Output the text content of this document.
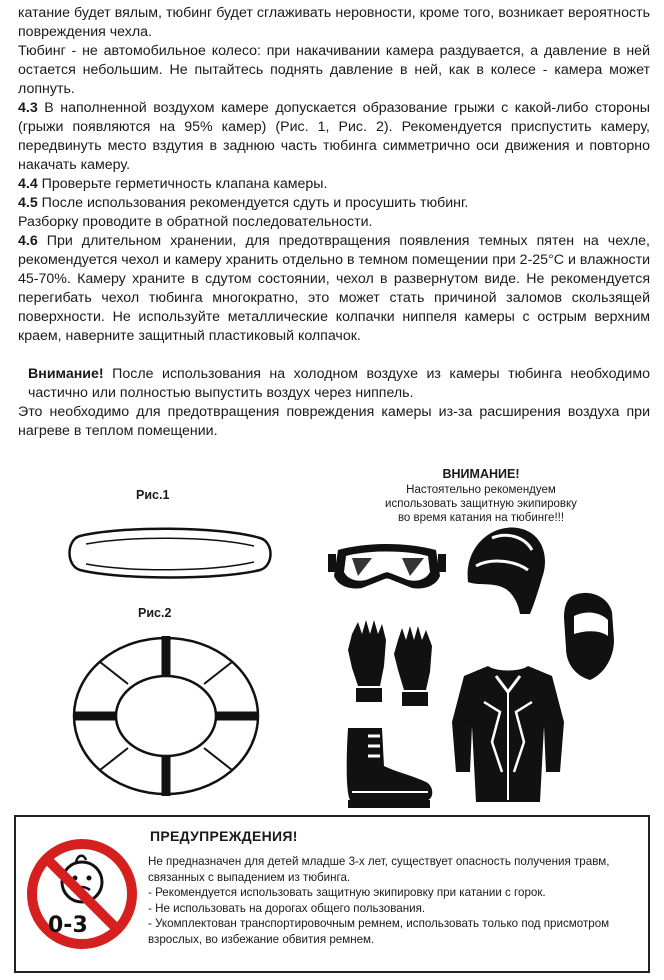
катание будет вялым, тюбинг будет сглаживать неровности, кроме того, возникает вероятность повреждения чехла.

Тюбинг - не автомобильное колесо: при накачивании камера раздувается, а давление в ней остается небольшим. Не пытайтесь поднять давление в ней, как в колесе - камера может лопнуть.

4.3 В наполненной воздухом камере допускается образование грыжи с какой-либо стороны (грыжи появляются на 95% камер) (Рис. 1, Рис. 2). Рекомендуется приспустить камеру, передвинуть место вздутия в заднюю часть тюбинга симметрично оси движения и повторно накачать камеру.

4.4 Проверьте герметичность клапана камеры.

4.5 После использования рекомендуется сдуть и просушить тюбинг.

Разборку проводите в обратной последовательности.

4.6 При длительном хранении, для предотвращения появления темных пятен на чехле, рекомендуется чехол и камеру хранить отдельно в темном помещении при 2-25°С и влажности 45-70%. Камеру храните в сдутом состоянии, чехол в развернутом виде. Не рекомендуется перегибать чехол тюбинга многократно, это может стать причиной заломов скользящей поверхности. Не используйте металлические колпачки ниппеля камеры с острым верхним краем, наверните защитный пластиковый колпачок.

Внимание! После использования на холодном воздухе из камеры тюбинга необходимо частично или полностью выпустить воздух через ниппель.

Это необходимо для предотвращения повреждения камеры из-за расширения воздуха при нагреве в теплом помещении.

Рис.1
Рис.2
ВНИМАНИЕ!
Настоятельно рекомендуем
использовать защитную экипировку
во время катания на тюбинге!!!
0-3
ПРЕДУПРЕЖДЕНИЯ!
Не предназначен для детей младше 3-х лет, существует опасность получения травм, связанных с выпадением из тюбинга.
- Рекомендуется использовать защитную экипировку при катании с горок.
- Не использовать на дорогах общего пользования.
- Укомплектован транспортировочным ремнем, использовать только под присмотром взрослых, во избежание обвития ремнем.
